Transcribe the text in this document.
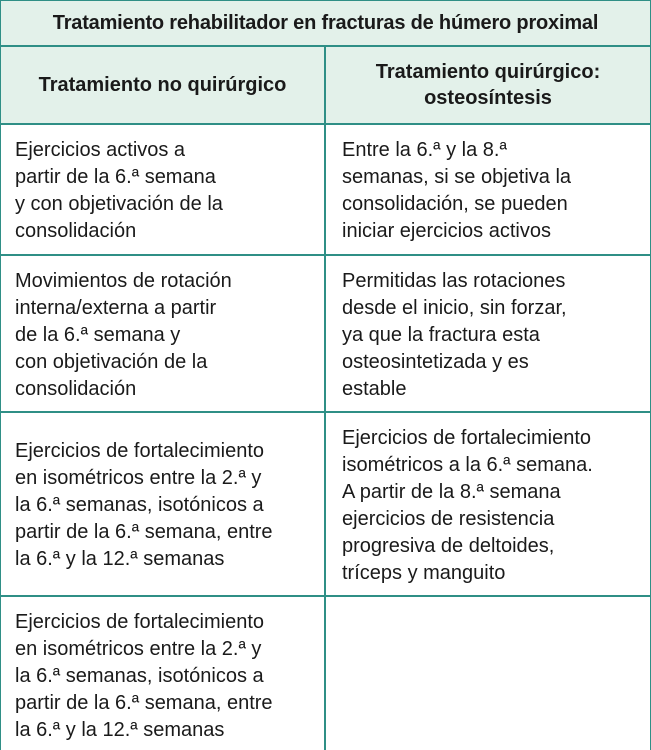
Tratamiento rehabilitador en fracturas de húmero proximal
Tratamiento no quirúrgico
Tratamiento quirúrgico:
osteosíntesis
Ejercicios activos a
partir de la 6.ª semana
y con objetivación de la
consolidación
Entre la 6.ª y la 8.ª
semanas, si se objetiva la
consolidación, se pueden
iniciar ejercicios activos
Movimientos de rotación
interna/externa a partir
de la 6.ª semana y
con objetivación de la
consolidación
Permitidas las rotaciones
desde el inicio, sin forzar,
ya que la fractura esta
osteosintetizada y es
estable
Ejercicios de fortalecimiento
en isométricos entre la 2.ª y
la 6.ª semanas, isotónicos a
partir de la 6.ª semana, entre
la 6.ª y la 12.ª semanas
Ejercicios de fortalecimiento
isométricos a la 6.ª semana.
A partir de la 8.ª semana
ejercicios de resistencia
progresiva de deltoides,
tríceps y manguito
Ejercicios de fortalecimiento
en isométricos entre la 2.ª y
la 6.ª semanas, isotónicos a
partir de la 6.ª semana, entre
la 6.ª y la 12.ª semanas
